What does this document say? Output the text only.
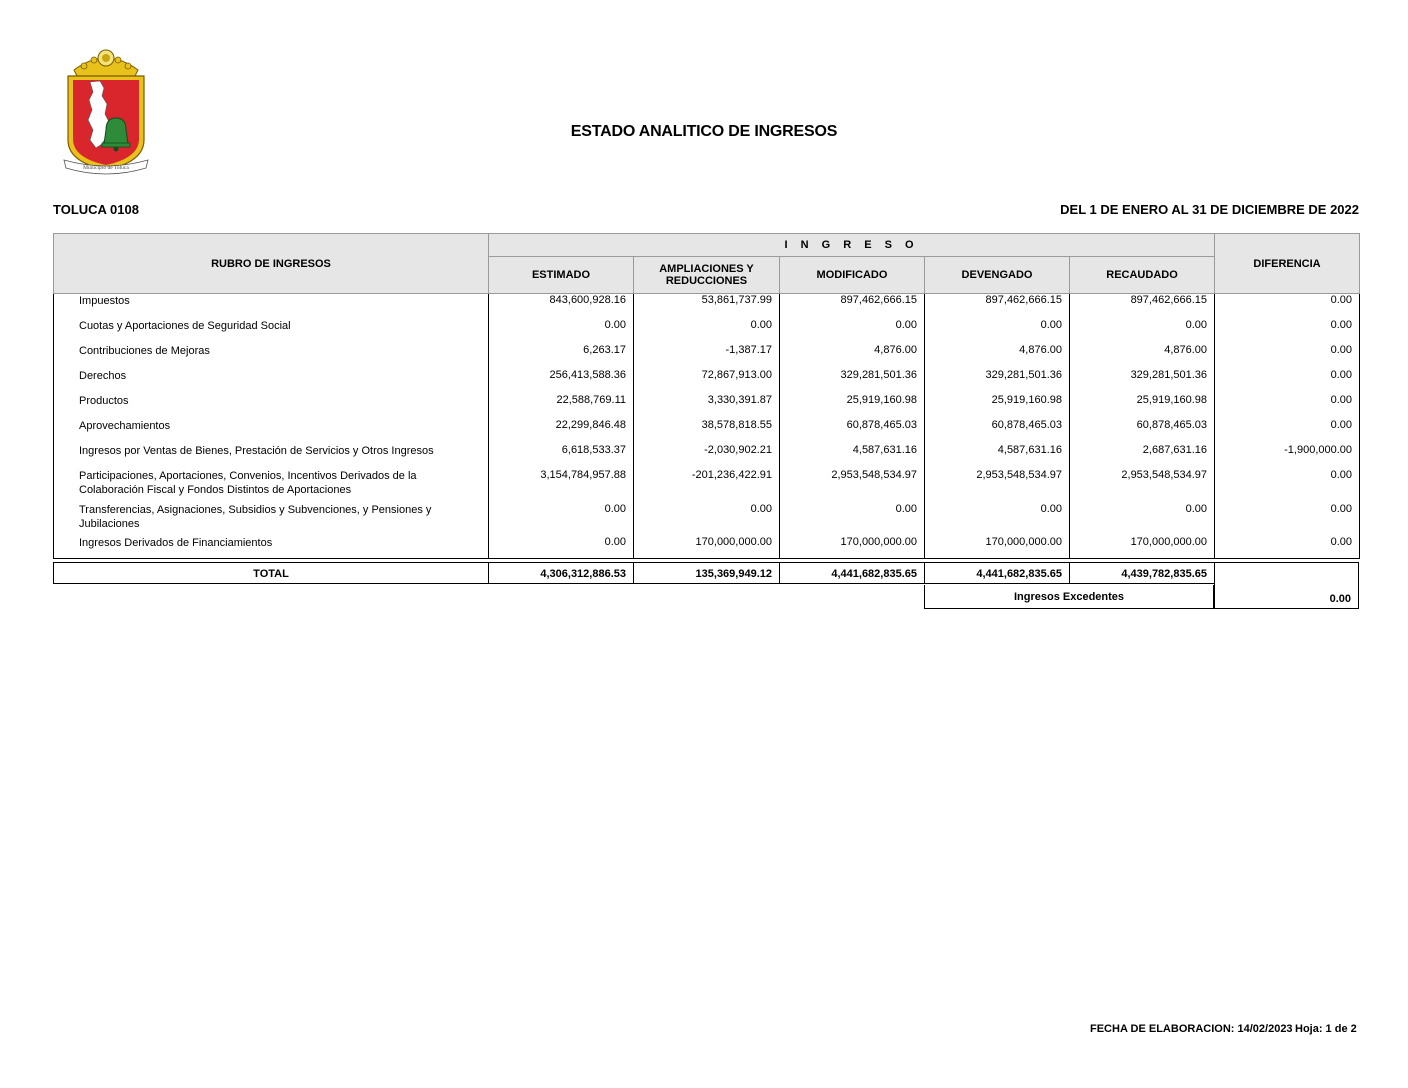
Municipio de Toluca
ESTADO ANALITICO DE INGRESOS
TOLUCA 0108	DEL 1 DE ENERO AL 31 DE DICIEMBRE DE 2022
RUBRO DE INGRESOS	I N G R E S O					DIFERENCIA
	ESTIMADO	AMPLIACIONES Y REDUCCIONES	MODIFICADO	DEVENGADO	RECAUDADO	
Impuestos	843,600,928.16	53,861,737.99	897,462,666.15	897,462,666.15	897,462,666.15	0.00
Cuotas y Aportaciones de Seguridad Social	0.00	0.00	0.00	0.00	0.00	0.00
Contribuciones de Mejoras	6,263.17	-1,387.17	4,876.00	4,876.00	4,876.00	0.00
Derechos	256,413,588.36	72,867,913.00	329,281,501.36	329,281,501.36	329,281,501.36	0.00
Productos	22,588,769.11	3,330,391.87	25,919,160.98	25,919,160.98	25,919,160.98	0.00
Aprovechamientos	22,299,846.48	38,578,818.55	60,878,465.03	60,878,465.03	60,878,465.03	0.00
Ingresos por Ventas de Bienes, Prestación de Servicios y Otros Ingresos	6,618,533.37	-2,030,902.21	4,587,631.16	4,587,631.16	2,687,631.16	-1,900,000.00
Participaciones, Aportaciones, Convenios, Incentivos Derivados de la Colaboración Fiscal y Fondos Distintos de Aportaciones	3,154,784,957.88	-201,236,422.91	2,953,548,534.97	2,953,548,534.97	2,953,548,534.97	0.00
Transferencias, Asignaciones, Subsidios y Subvenciones, y Pensiones y Jubilaciones	0.00	0.00	0.00	0.00	0.00	0.00
Ingresos Derivados de Financiamientos	0.00	170,000,000.00	170,000,000.00	170,000,000.00	170,000,000.00	0.00
TOTAL	4,306,312,886.53	135,369,949.12	4,441,682,835.65	4,441,682,835.65	4,439,782,835.65
0.00
Ingresos Excedentes
FECHA DE ELABORACION: 14/02/2023 Hoja: 1 de 2
